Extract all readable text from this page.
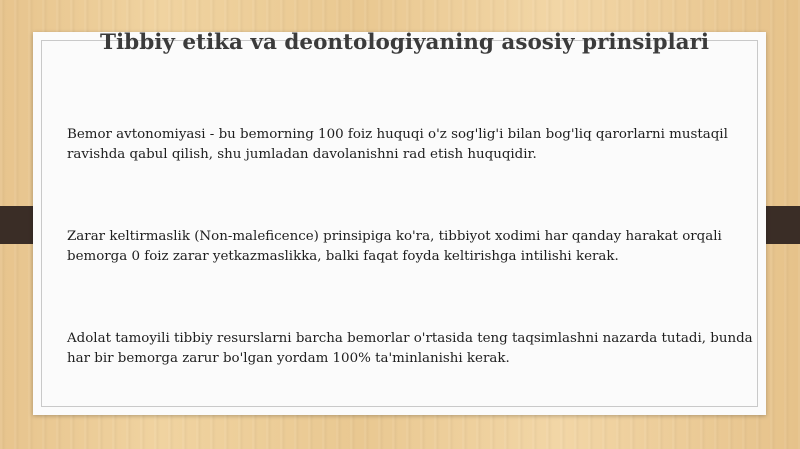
Tibbiy etika va deontologiyaning asosiy prinsiplari

Bemor avtonomiyasi - bu bemorning 100 foiz huquqi o'z sog'lig'i bilan bog'liq qarorlarni mustaqil ravishda qabul qilish, shu jumladan davolanishni rad etish huquqidir.

Zarar keltirmaslik (Non-maleficence) prinsipiga ko'ra, tibbiyot xodimi har qanday harakat orqali bemorga 0 foiz zarar yetkazmaslikka, balki faqat foyda keltirishga intilishi kerak.

Adolat tamoyili tibbiy resurslarni barcha bemorlar o'rtasida teng taqsimlashni nazarda tutadi, bunda har bir bemorga zarur bo'lgan yordam 100% ta'minlanishi kerak.
